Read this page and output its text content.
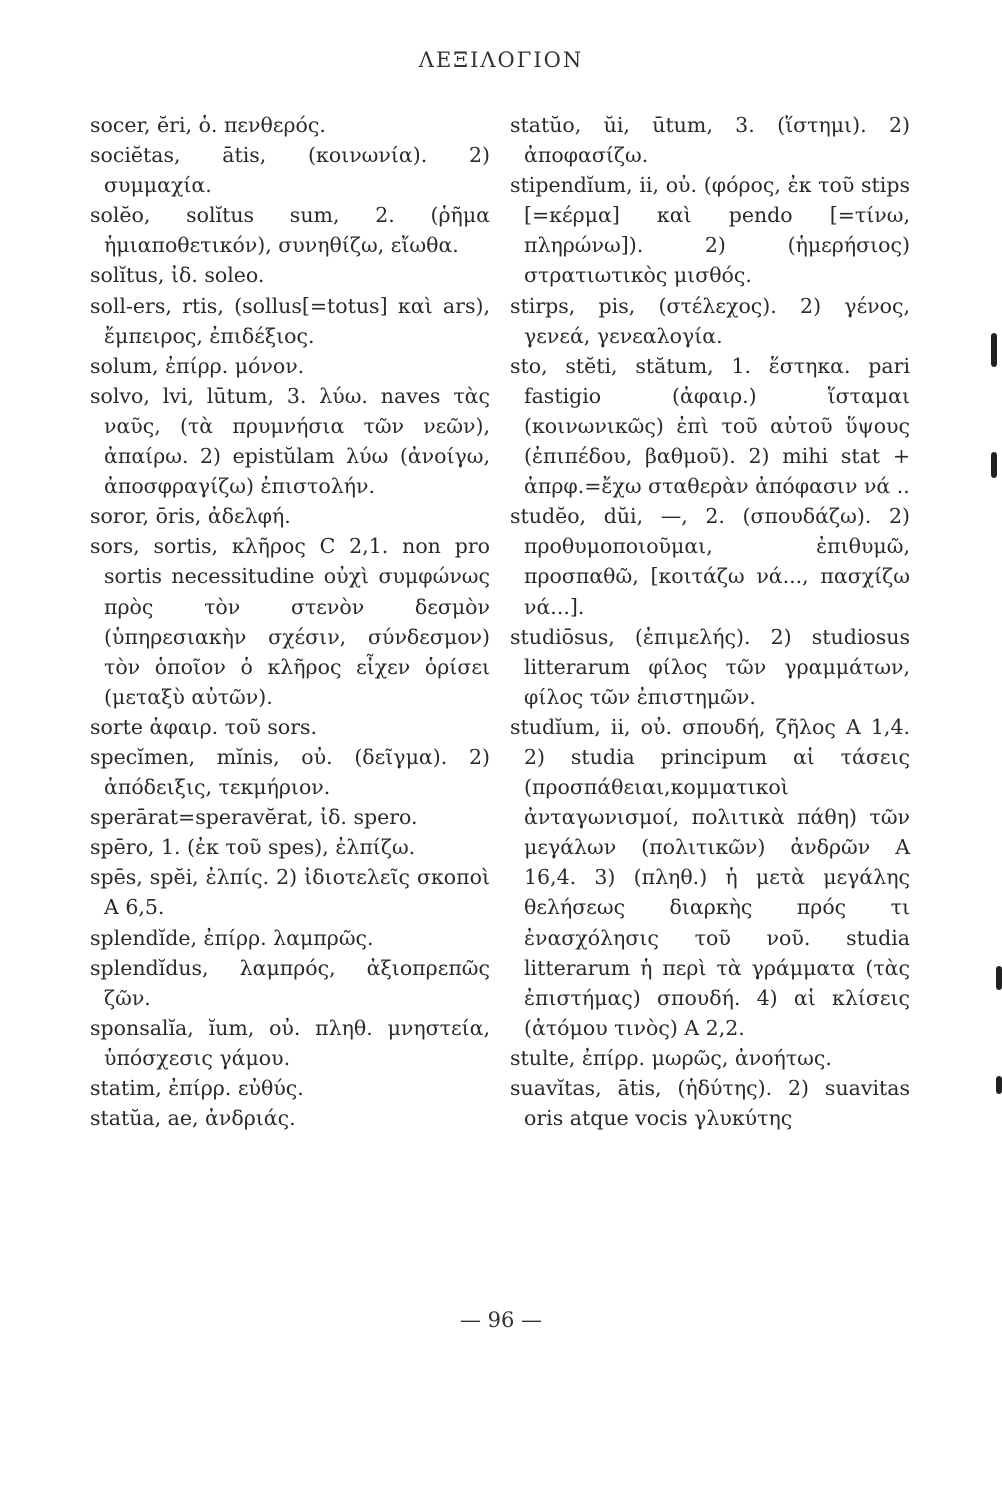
ΛΕΞΙΛΟΓΙΟΝ
socer, ĕri, ὁ. πενθερός.
sociĕtas, ātis, (κοινωνία). 2) συμμαχία.
solĕo, solĭtus sum, 2. (ῥῆμα ἡμιαποθετικόν), συνηθίζω, εἴωθα.
solĭtus, ἰδ. soleo.
soll-ers, rtis, (sollus[=totus] καὶ ars), ἔμπειρος, ἐπιδέξιος.
solum, ἐπίρρ. μόνον.
solvo, lvi, lūtum, 3. λύω. naves τὰς ναῦς, (τὰ πρυμνήσια τῶν νεῶν), ἀπαίρω. 2) epistŭlam λύω (ἀνοίγω, ἀποσφραγίζω) ἐπιστολήν.
soror, ōris, ἀδελφή.
sors, sortis, κλῆρος C 2,1. non pro sortis necessitudine οὐχὶ συμφώνως πρὸς τὸν στενὸν δεσμὸν (ὑπηρεσιακὴν σχέσιν, σύνδεσμον) τὸν ὁποῖον ὁ κλῆρος εἶχεν ὁρίσει (μεταξὺ αὐτῶν).
sorte ἀφαιρ. τοῦ sors.
specĭmen, mĭnis, οὐ. (δεῖγμα). 2) ἀπόδειξις, τεκμήριον.
sperārat=speravĕrat, ἰδ. spero.
spēro, 1. (ἐκ τοῦ spes), ἐλπίζω.
spēs, spĕi, ἐλπίς. 2) ἰδιοτελεῖς σκοποὶ A 6,5.
splendĭde, ἐπίρρ. λαμπρῶς.
splendĭdus, λαμπρός, ἀξιοπρεπῶς ζῶν.
sponsalĭa, ĭum, οὐ. πληθ. μνηστεία, ὑπόσχεσις γάμου.
statim, ἐπίρρ. εὐθύς.
statŭa, ae, ἀνδριάς.
statŭo, ŭi, ūtum, 3. (ἵστημι). 2) ἀποφασίζω.
stipendĭum, ii, οὐ. (φόρος, ἐκ τοῦ stips [=κέρμα] καὶ pendo [=τίνω, πληρώνω]). 2) (ἡμερήσιος) στρατιωτικὸς μισθός.
stirps, pis, (στέλεχος). 2) γένος, γενεά, γενεαλογία.
sto, stĕti, stătum, 1. ἕστηκα. pari fastigio (ἀφαιρ.) ἵσταμαι (κοινωνικῶς) ἐπὶ τοῦ αὐτοῦ ὕψους (ἐπιπέδου, βαθμοῦ). 2) mihi stat + ἀπρφ.=ἔχω σταθερὰν ἀπόφασιν νά ..
studĕo, dŭi, —, 2. (σπουδάζω). 2) προθυμοποιοῦμαι, ἐπιθυμῶ, προσπαθῶ, [κοιτάζω νά..., πασχίζω νά...].
studiōsus, (ἐπιμελής). 2) studiosus litterarum φίλος τῶν γραμμάτων, φίλος τῶν ἐπιστημῶν.
studĭum, ii, οὐ. σπουδή, ζῆλος A 1,4. 2) studia principum αἱ τάσεις (προσπάθειαι,κομματικοὶ ἀνταγωνισμοί, πολιτικὰ πάθη) τῶν μεγάλων (πολιτικῶν) ἀνδρῶν A 16,4. 3) (πληθ.) ἡ μετὰ μεγάλης θελήσεως διαρκὴς πρός τι ἐνασχόλησις τοῦ νοῦ. studia litterarum ἡ περὶ τὰ γράμματα (τὰς ἐπιστήμας) σπουδή. 4) αἱ κλίσεις (ἀτόμου τινὸς) A 2,2.
stulte, ἐπίρρ. μωρῶς, ἀνοήτως.
suavĭtas, ātis, (ἡδύτης). 2) suavitas oris atque vocis γλυκύτης
— 96 —
